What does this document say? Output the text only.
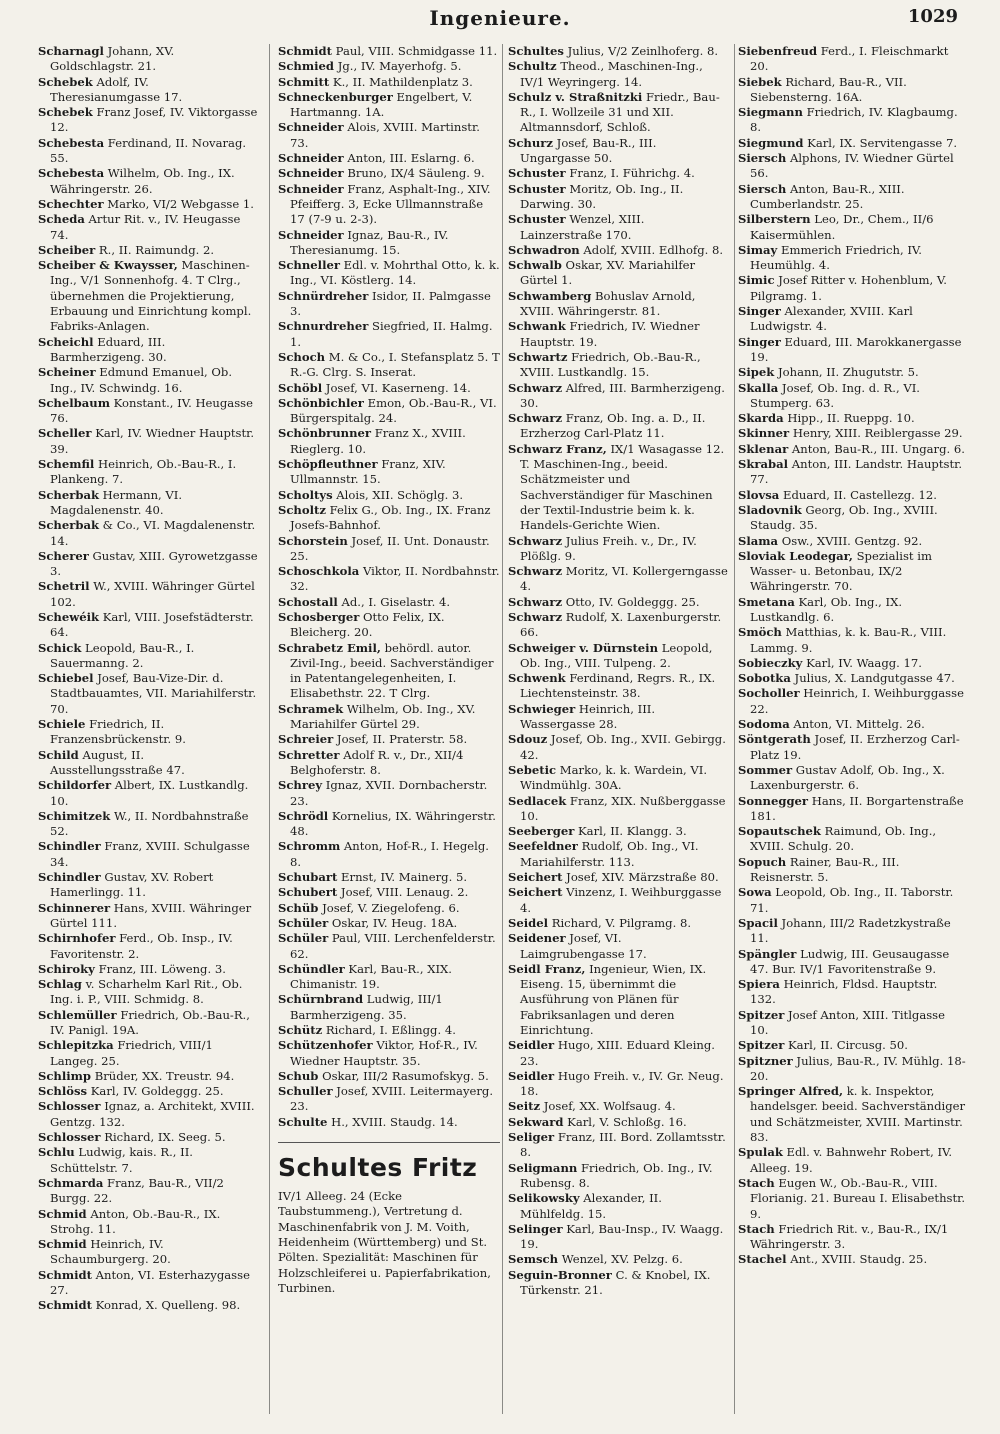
Ingenieure.	1029

Scharnagl Johann, XV. Goldschlagstr. 21.

Schebek Adolf, IV. Theresianumgasse 17.

Schebek Franz Josef, IV. Viktorgasse 12.

Schebesta Ferdinand, II. Novarag. 55.

Schebesta Wilhelm, Ob. Ing., IX. Währingerstr. 26.

Schechter Marko, VI/2 Webgasse 1.

Scheda Artur Rit. v., IV. Heugasse 74.

Scheiber R., II. Raimundg. 2.

Scheiber & Kwaysser, Maschinen-Ing., V/1 Sonnenhofg. 4. T Clrg., übernehmen die Projektierung, Erbauung und Einrichtung kompl. Fabriks-Anlagen.

Scheichl Eduard, III. Barmherzigeng. 30.

Scheiner Edmund Emanuel, Ob. Ing., IV. Schwindg. 16.

Schelbaum Konstant., IV. Heugasse 76.

Scheller Karl, IV. Wiedner Hauptstr. 39.

Schemfil Heinrich, Ob.-Bau-R., I. Plankeng. 7.

Scherbak Hermann, VI. Magdalenenstr. 40.

Scherbak & Co., VI. Magdalenenstr. 14.

Scherer Gustav, XIII. Gyrowetzgasse 3.

Schetril W., XVIII. Währinger Gürtel 102.

Schewéik Karl, VIII. Josefstädterstr. 64.

Schick Leopold, Bau-R., I. Sauermanng. 2.

Schiebel Josef, Bau-Vize-Dir. d. Stadtbauamtes, VII. Mariahilferstr. 70.

Schiele Friedrich, II. Franzensbrückenstr. 9.

Schild August, II. Ausstellungsstraße 47.

Schildorfer Albert, IX. Lustkandlg. 10.

Schimitzek W., II. Nordbahnstraße 52.

Schindler Franz, XVIII. Schulgasse 34.

Schindler Gustav, XV. Robert Hamerlingg. 11.

Schinnerer Hans, XVIII. Währinger Gürtel 111.

Schirnhofer Ferd., Ob. Insp., IV. Favoritenstr. 2.

Schiroky Franz, III. Löweng. 3.

Schlag v. Scharhelm Karl Rit., Ob. Ing. i. P., VIII. Schmidg. 8.

Schlemüller Friedrich, Ob.-Bau-R., IV. Panigl. 19A.

Schlepitzka Friedrich, VIII/1 Langeg. 25.

Schlimp Brüder, XX. Treustr. 94.

Schlöss Karl, IV. Goldeggg. 25.

Schlosser Ignaz, a. Architekt, XVIII. Gentzg. 132.

Schlosser Richard, IX. Seeg. 5.

Schlu Ludwig, kais. R., II. Schüttelstr. 7.

Schmarda Franz, Bau-R., VII/2 Burgg. 22.

Schmid Anton, Ob.-Bau-R., IX. Strohg. 11.

Schmid Heinrich, IV. Schaumburgerg. 20.

Schmidt Anton, VI. Esterhazygasse 27.

Schmidt Konrad, X. Quelleng. 98.

Schmidt Paul, VIII. Schmidgasse 11.

Schmied Jg., IV. Mayerhofg. 5.

Schmitt K., II. Mathildenplatz 3.

Schneckenburger Engelbert, V. Hartmanng. 1A.

Schneider Alois, XVIII. Martinstr. 73.

Schneider Anton, III. Eslarng. 6.

Schneider Bruno, IX/4 Säuleng. 9.

Schneider Franz, Asphalt-Ing., XIV. Pfeifferg. 3, Ecke Ullmannstraße 17 (7-9 u. 2-3).

Schneider Ignaz, Bau-R., IV. Theresianumg. 15.

Schneller Edl. v. Mohrthal Otto, k. k. Ing., VI. Köstlerg. 14.

Schnürdreher Isidor, II. Palmgasse 3.

Schnurdreher Siegfried, II. Halmg. 1.

Schoch M. & Co., I. Stefansplatz 5. T R.-G. Clrg. S. Inserat.

Schöbl Josef, VI. Kaserneng. 14.

Schönbichler Emon, Ob.-Bau-R., VI. Bürgerspitalg. 24.

Schönbrunner Franz X., XVIII. Rieglerg. 10.

Schöpfleuthner Franz, XIV. Ullmannstr. 15.

Scholtys Alois, XII. Schöglg. 3.

Scholtz Felix G., Ob. Ing., IX. Franz Josefs-Bahnhof.

Schorstein Josef, II. Unt. Donaustr. 25.

Schoschkola Viktor, II. Nordbahnstr. 32.

Schostall Ad., I. Giselastr. 4.

Schosberger Otto Felix, IX. Bleicherg. 20.

Schrabetz Emil, behördl. autor. Zivil-Ing., beeid. Sachverständiger in Patentangelegenheiten, I. Elisabethstr. 22. T Clrg.

Schramek Wilhelm, Ob. Ing., XV. Mariahilfer Gürtel 29.

Schreier Josef, II. Praterstr. 58.

Schretter Adolf R. v., Dr., XII/4 Belghoferstr. 8.

Schrey Ignaz, XVII. Dornbacherstr. 23.

Schrödl Kornelius, IX. Währingerstr. 48.

Schromm Anton, Hof-R., I. Hegelg. 8.

Schubart Ernst, IV. Mainerg. 5.

Schubert Josef, VIII. Lenaug. 2.

Schüb Josef, V. Ziegelofeng. 6.

Schüler Oskar, IV. Heug. 18A.

Schüler Paul, VIII. Lerchenfelderstr. 62.

Schündler Karl, Bau-R., XIX. Chimanistr. 19.

Schürnbrand Ludwig, III/1 Barmherzigeng. 35.

Schütz Richard, I. Eßlingg. 4.

Schützenhofer Viktor, Hof-R., IV. Wiedner Hauptstr. 35.

Schub Oskar, III/2 Rasumofskyg. 5.

Schuller Josef, XVIII. Leitermayerg. 23.

Schulte H., XVIII. Staudg. 14.

Schultes Fritz
IV/1 Alleeg. 24 (Ecke Taubstummeng.), Vertretung d. Maschinenfabrik von J. M. Voith, Heidenheim (Württemberg) und St. Pölten. Spezialität: Maschinen für Holzschleiferei u. Papierfabrikation, Turbinen.

Schultes Julius, V/2 Zeinlhoferg. 8.

Schultz Theod., Maschinen-Ing., IV/1 Weyringerg. 14.

Schulz v. Straßnitzki Friedr., Bau-R., I. Wollzeile 31 und XII. Altmannsdorf, Schloß.

Schurz Josef, Bau-R., III. Ungargasse 50.

Schuster Franz, I. Führichg. 4.

Schuster Moritz, Ob. Ing., II. Darwing. 30.

Schuster Wenzel, XIII. Lainzerstraße 170.

Schwadron Adolf, XVIII. Edlhofg. 8.

Schwalb Oskar, XV. Mariahilfer Gürtel 1.

Schwamberg Bohuslav Arnold, XVIII. Währingerstr. 81.

Schwank Friedrich, IV. Wiedner Hauptstr. 19.

Schwartz Friedrich, Ob.-Bau-R., XVIII. Lustkandlg. 15.

Schwarz Alfred, III. Barmherzigeng. 30.

Schwarz Franz, Ob. Ing. a. D., II. Erzherzog Carl-Platz 11.

Schwarz Franz, IX/1 Wasagasse 12. T. Maschinen-Ing., beeid. Schätzmeister und Sachverständiger für Maschinen der Textil-Industrie beim k. k. Handels-Gerichte Wien.

Schwarz Julius Freih. v., Dr., IV. Plößlg. 9.

Schwarz Moritz, VI. Kollergerngasse 4.

Schwarz Otto, IV. Goldeggg. 25.

Schwarz Rudolf, X. Laxenburgerstr. 66.

Schweiger v. Dürnstein Leopold, Ob. Ing., VIII. Tulpeng. 2.

Schwenk Ferdinand, Regrs. R., IX. Liechtensteinstr. 38.

Schwieger Heinrich, III. Wassergasse 28.

Sdouz Josef, Ob. Ing., XVII. Gebirgg. 42.

Sebetic Marko, k. k. Wardein, VI. Windmühlg. 30A.

Sedlacek Franz, XIX. Nußberggasse 10.

Seeberger Karl, II. Klangg. 3.

Seefeldner Rudolf, Ob. Ing., VI. Mariahilferstr. 113.

Seichert Josef, XIV. Märzstraße 80.

Seichert Vinzenz, I. Weihburggasse 4.

Seidel Richard, V. Pilgramg. 8.

Seidener Josef, VI. Laimgrubengasse 17.

Seidl Franz, Ingenieur, Wien, IX. Eiseng. 15, übernimmt die Ausführung von Plänen für Fabriksanlagen und deren Einrichtung.

Seidler Hugo, XIII. Eduard Kleing. 23.

Seidler Hugo Freih. v., IV. Gr. Neug. 18.

Seitz Josef, XX. Wolfsaug. 4.

Sekward Karl, V. Schloßg. 16.

Seliger Franz, III. Bord. Zollamtsstr. 8.

Seligmann Friedrich, Ob. Ing., IV. Rubensg. 8.

Selikowsky Alexander, II. Mühlfeldg. 15.

Selinger Karl, Bau-Insp., IV. Waagg. 19.

Semsch Wenzel, XV. Pelzg. 6.

Seguin-Bronner C. & Knobel, IX. Türkenstr. 21.

Siebenfreud Ferd., I. Fleischmarkt 20.

Siebek Richard, Bau-R., VII. Siebensterng. 16A.

Siegmann Friedrich, IV. Klagbaumg. 8.

Siegmund Karl, IX. Servitengasse 7.

Siersch Alphons, IV. Wiedner Gürtel 56.

Siersch Anton, Bau-R., XIII. Cumberlandstr. 25.

Silberstern Leo, Dr., Chem., II/6 Kaisermühlen.

Simay Emmerich Friedrich, IV. Heumühlg. 4.

Simic Josef Ritter v. Hohenblum, V. Pilgramg. 1.

Singer Alexander, XVIII. Karl Ludwigstr. 4.

Singer Eduard, III. Marokkanergasse 19.

Sipek Johann, II. Zhugutstr. 5.

Skalla Josef, Ob. Ing. d. R., VI. Stumperg. 63.

Skarda Hipp., II. Rueppg. 10.

Skinner Henry, XIII. Reiblergasse 29.

Sklenar Anton, Bau-R., III. Ungarg. 6.

Skrabal Anton, III. Landstr. Hauptstr. 77.

Slovsa Eduard, II. Castellezg. 12.

Sladovnik Georg, Ob. Ing., XVIII. Staudg. 35.

Slama Osw., XVIII. Gentzg. 92.

Sloviak Leodegar, Spezialist im Wasser- u. Betonbau, IX/2 Währingerstr. 70.

Smetana Karl, Ob. Ing., IX. Lustkandlg. 6.

Smöch Matthias, k. k. Bau-R., VIII. Lammg. 9.

Sobieczky Karl, IV. Waagg. 17.

Sobotka Julius, X. Landgutgasse 47.

Socholler Heinrich, I. Weihburggasse 22.

Sodoma Anton, VI. Mittelg. 26.

Söntgerath Josef, II. Erzherzog Carl-Platz 19.

Sommer Gustav Adolf, Ob. Ing., X. Laxenburgerstr. 6.

Sonnegger Hans, II. Borgartenstraße 181.

Sopautschek Raimund, Ob. Ing., XVIII. Schulg. 20.

Sopuch Rainer, Bau-R., III. Reisnerstr. 5.

Sowa Leopold, Ob. Ing., II. Taborstr. 71.

Spacil Johann, III/2 Radetzkystraße 11.

Spängler Ludwig, III. Geusaugasse 47. Bur. IV/1 Favoritenstraße 9.

Spiera Heinrich, Fldsd. Hauptstr. 132.

Spitzer Josef Anton, XIII. Titlgasse 10.

Spitzer Karl, II. Circusg. 50.

Spitzner Julius, Bau-R., IV. Mühlg. 18-20.

Springer Alfred, k. k. Inspektor, handelsger. beeid. Sachverständiger und Schätzmeister, XVIII. Martinstr. 83.

Spulak Edl. v. Bahnwehr Robert, IV. Alleeg. 19.

Stach Eugen W., Ob.-Bau-R., VIII. Florianig. 21. Bureau I. Elisabethstr. 9.

Stach Friedrich Rit. v., Bau-R., IX/1 Währingerstr. 3.

Stachel Ant., XVIII. Staudg. 25.
